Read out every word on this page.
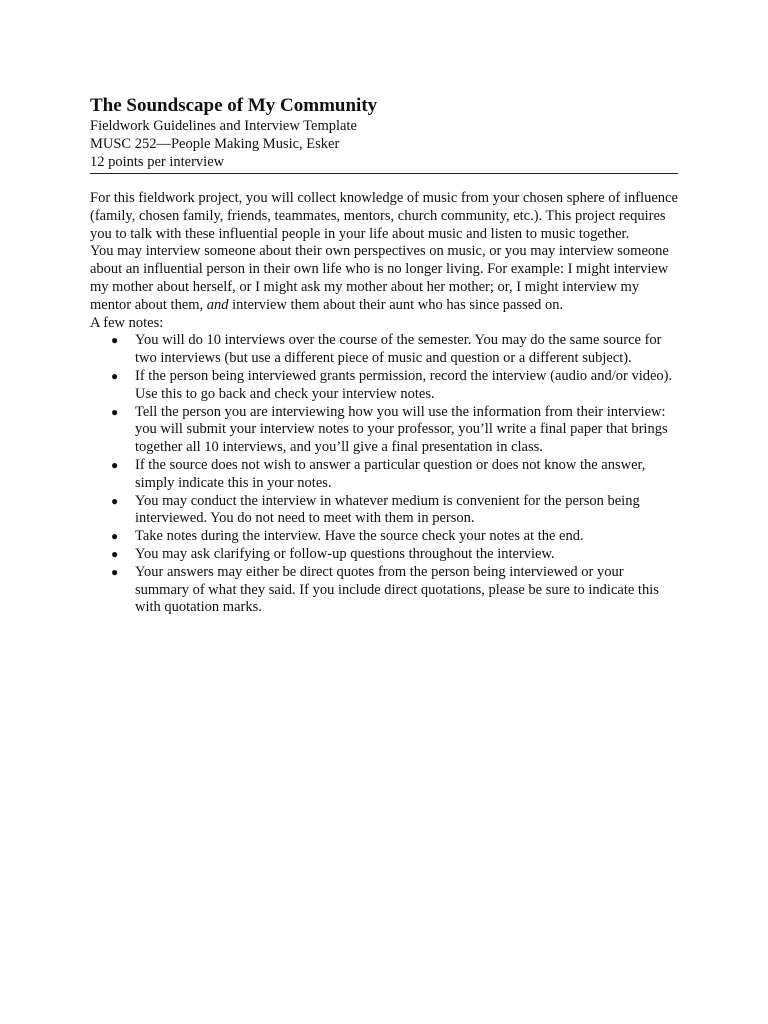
The Soundscape of My Community

Fieldwork Guidelines and Interview Template

MUSC 252—People Making Music, Esker

12 points per interview

For this fieldwork project, you will collect knowledge of music from your chosen sphere of influence (family, chosen family, friends, teammates, mentors, church community, etc.). This project requires you to talk with these influential people in your life about music and listen to music together.

You may interview someone about their own perspectives on music, or you may interview someone about an influential person in their own life who is no longer living. For example: I might interview my mother about herself, or I might ask my mother about her mother; or, I might interview my mentor about them, and interview them about their aunt who has since passed on.

A few notes:

● You will do 10 interviews over the course of the semester. You may do the same source for two interviews (but use a different piece of music and question or a different subject).
● If the person being interviewed grants permission, record the interview (audio and/or video). Use this to go back and check your interview notes.
● Tell the person you are interviewing how you will use the information from their interview: you will submit your interview notes to your professor, you’ll write a final paper that brings together all 10 interviews, and you’ll give a final presentation in class.
● If the source does not wish to answer a particular question or does not know the answer, simply indicate this in your notes.
● You may conduct the interview in whatever medium is convenient for the person being interviewed. You do not need to meet with them in person.
● Take notes during the interview. Have the source check your notes at the end.
● You may ask clarifying or follow-up questions throughout the interview.
● Your answers may either be direct quotes from the person being interviewed or your summary of what they said. If you include direct quotations, please be sure to indicate this with quotation marks.
